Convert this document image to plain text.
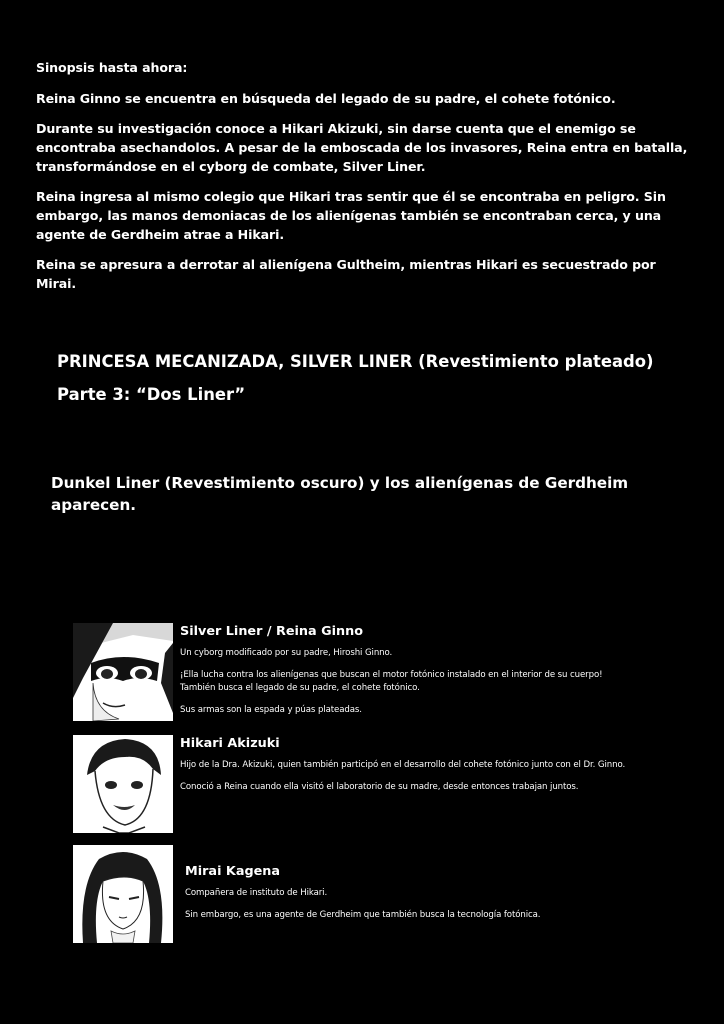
Sinopsis hasta ahora:

Reina Ginno se encuentra en búsqueda del legado de su padre, el cohete fotónico.

Durante su investigación conoce a Hikari Akizuki, sin darse cuenta que el enemigo se encontraba asechandolos. A pesar de la emboscada de los invasores, Reina entra en batalla, transformándose en el cyborg de combate, Silver Liner.

Reina ingresa al mismo colegio que Hikari tras sentir que él se encontraba en peligro. Sin embargo, las manos demoniacas de los alienígenas también se encontraban cerca, y una agente de Gerdheim atrae a Hikari.

Reina se apresura a derrotar al alienígena Gultheim, mientras Hikari es secuestrado por Mirai.

PRINCESA MECANIZADA, SILVER LINER (Revestimiento plateado)
Parte 3: “Dos Liner”
Dunkel Liner (Revestimiento oscuro) y los alienígenas de Gerdheim aparecen.
Silver Liner / Reina Ginno

Un cyborg modificado por su padre, Hiroshi Ginno.

¡Ella lucha contra los alienígenas que buscan el motor fotónico instalado en el interior de su cuerpo!
También busca el legado de su padre, el cohete fotónico.

Sus armas son la espada y púas plateadas.

Hikari Akizuki

Hijo de la Dra. Akizuki, quien también participó en el desarrollo del cohete fotónico junto con el Dr. Ginno.

Conoció a Reina cuando ella visitó el laboratorio de su madre, desde entonces trabajan juntos.

Mirai Kagena

Compañera de instituto de Hikari.

Sin embargo, es una agente de Gerdheim que también busca la tecnología fotónica.
